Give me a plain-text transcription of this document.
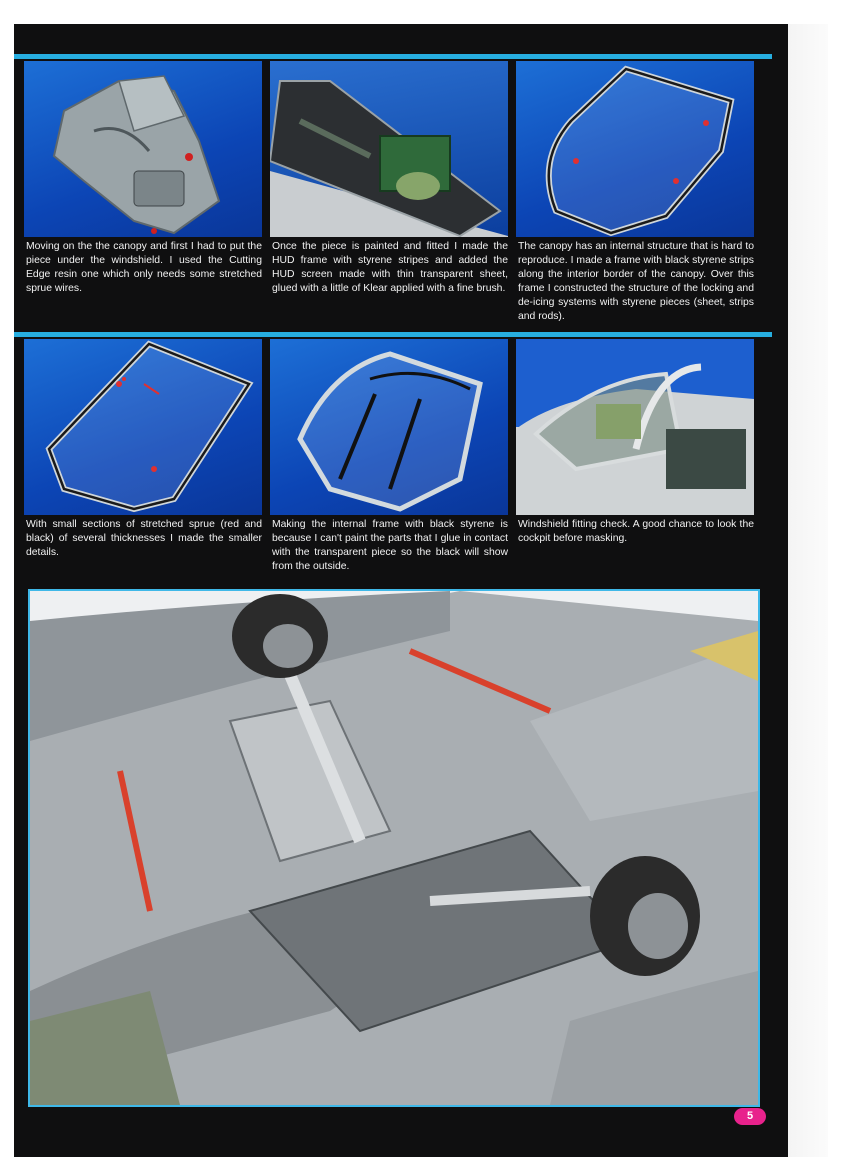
Moving on the the canopy and first I had to put the piece under the windshield. I used the Cutting Edge resin one which only needs some stretched sprue wires.

Once the piece is painted and fitted I made the HUD frame with styrene stripes and added the HUD screen made with thin transparent sheet, glued with a little of Klear applied with a fine brush.

The canopy has an internal structure that is hard to reproduce. I made a frame with black styrene strips along the interior border of the canopy. Over this frame I constructed the structure of the locking and de-icing systems with styrene pieces (sheet, strips and rods).

With small sections of stretched sprue (red and black) of several thicknesses I made the smaller details.

Making the internal frame with black styrene is because I can't paint the parts that I glue in contact with the transparent piece so the black will show from the outside.

Windshield fitting check. A good chance to look the cockpit before masking.

5
